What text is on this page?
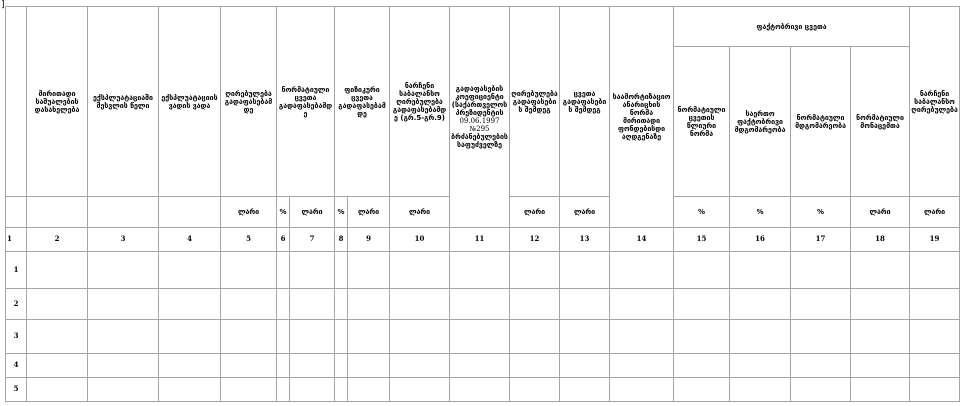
]
	მირითადი საშუალების დასახელება	ექსპლუატაციაში შესვლის წელი	ექსპლუატაციის ვადის ვადა	ღირებულება გადაფასებამდე	ნორმატიული ცვეთა გადაფასებამდე		ფიზიკური ცვეთა გადაფასებამდე		ნარჩენი საბალანსო ღირებულება გადაფასებამდე (გრ.5-გრ.9)	გადაფასების კოეფიციენტი (საქართველოს პრეზიდენტის
09.06.1997
№295
ბრძანებულების საფუძველზე	ღირებულება გადაფასების შემდეგ	ცვეთა გადაფასების შემდეგ	საამორტიზაციო ანარიცხის ნორმა მირითადი ფონდებისდი აღდგენაზე	ფაქტობრივი ცვეთა				ნარჩენი საბალანსო ღირებულება
														ნორმატიული ცვეთის წლიური ნორმა	საერთო ფაქტობრივი მდგომარეობა	ნორმატიული მდგომარეობა	ნორმატიული მონაცემთა	
				ლარი	%	ლარი	%	ლარი	ლარი		ლარი	ლარი		%	%	%	ლარი	ლარი
1	2	3	4	5	6	7	8	9	10	11	12	13	14	15	16	17	18	19
1																		
2																		
3																		
4																		
5																		
